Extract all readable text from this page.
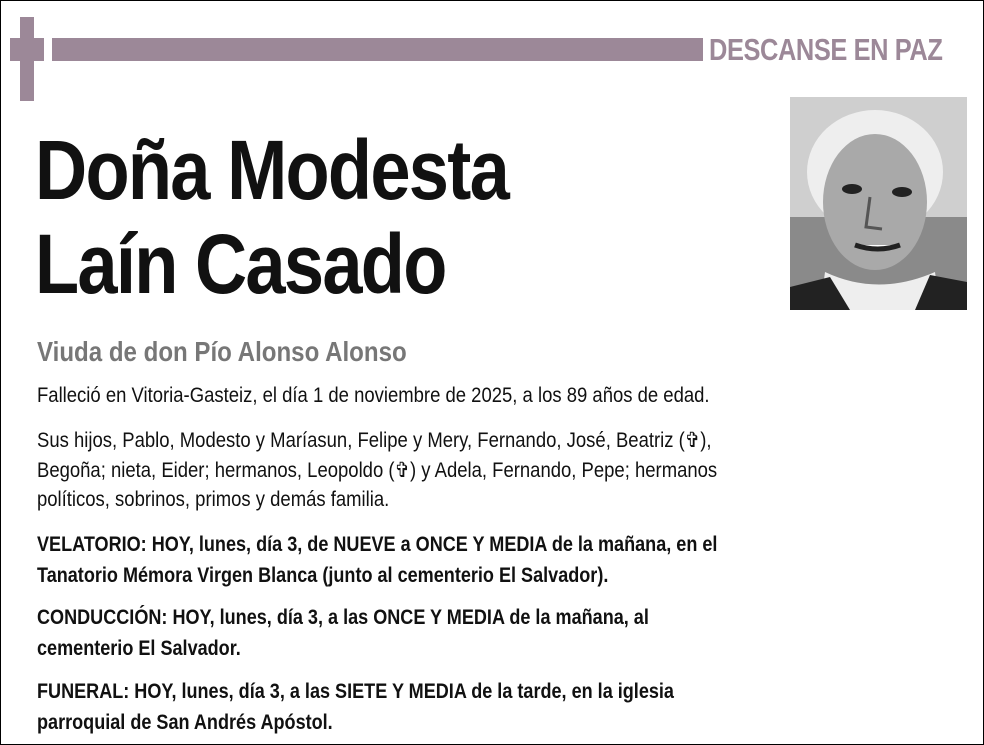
DESCANSE EN PAZ
Doña Modesta
Laín Casado
Viuda de don Pío Alonso Alonso
Falleció en Vitoria-Gasteiz, el día 1 de noviembre de 2025, a los 89 años de edad.
Sus hijos, Pablo, Modesto y Maríasun, Felipe y Mery, Fernando, José, Beatriz (✞),
Begoña; nieta, Eider; hermanos, Leopoldo (✞) y Adela, Fernando, Pepe; hermanos
políticos, sobrinos, primos y demás familia.
VELATORIO: HOY, lunes, día 3, de NUEVE a ONCE Y MEDIA de la mañana, en el
Tanatorio Mémora Virgen Blanca (junto al cementerio El Salvador).
CONDUCCIÓN: HOY, lunes, día 3, a las ONCE Y MEDIA de la mañana, al
cementerio El Salvador.
FUNERAL: HOY, lunes, día 3, a las SIETE Y MEDIA de la tarde, en la iglesia
parroquial de San Andrés Apóstol.
